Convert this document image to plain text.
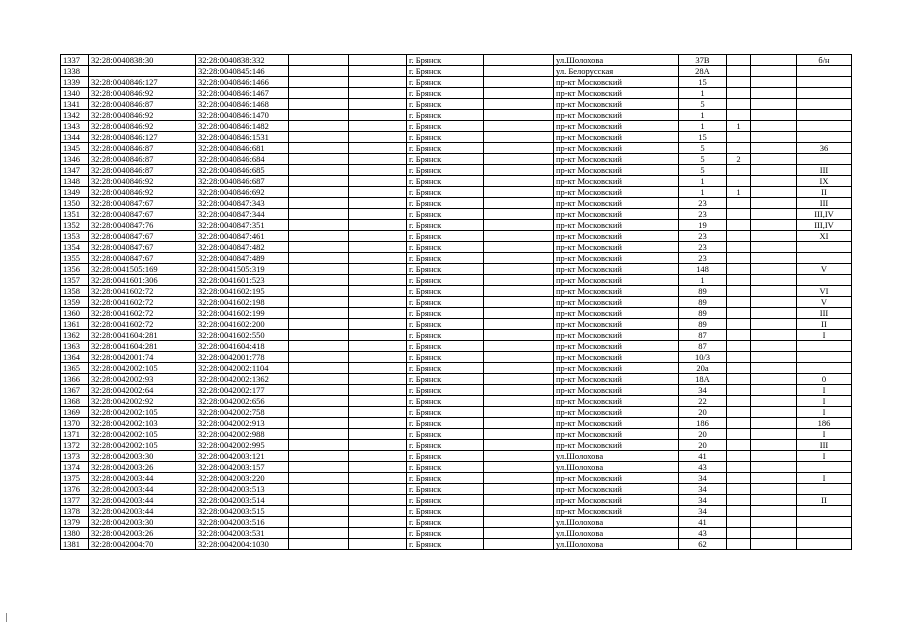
1337	32:28:0040838:30	32:28:0040838:332			г. Брянск		ул.Шолохова	37В			б/н
1338		32:28:0040845:146			г. Брянск		ул. Белорусская	28А			
1339	32:28:0040846:127	32:28:0040846:1466			г. Брянск		пр-кт Московский	15			
1340	32:28:0040846:92	32:28:0040846:1467			г. Брянск		пр-кт Московский	1			
1341	32:28:0040846:87	32:28:0040846:1468			г. Брянск		пр-кт Московский	5			
1342	32:28:0040846:92	32:28:0040846:1470			г. Брянск		пр-кт Московский	1			
1343	32:28:0040846:92	32:28:0040846:1482			г. Брянск		пр-кт Московский	1	1		
1344	32:28:0040846:127	32:28:0040846:1531			г. Брянск		пр-кт Московский	15			
1345	32:28:0040846:87	32:28:0040846:681			г. Брянск		пр-кт Московский	5			36
1346	32:28:0040846:87	32:28:0040846:684			г. Брянск		пр-кт Московский	5	2		
1347	32:28:0040846:87	32:28:0040846:685			г. Брянск		пр-кт Московский	5			III
1348	32:28:0040846:92	32:28:0040846:687			г. Брянск		пр-кт Московский	1			IX
1349	32:28:0040846:92	32:28:0040846:692			г. Брянск		пр-кт Московский	1	1		II
1350	32:28:0040847:67	32:28:0040847:343			г. Брянск		пр-кт Московский	23			III
1351	32:28:0040847:67	32:28:0040847:344			г. Брянск		пр-кт Московский	23			III,IV
1352	32:28:0040847:76	32:28:0040847:351			г. Брянск		пр-кт Московский	19			III,IV
1353	32:28:0040847:67	32:28:0040847:461			г. Брянск		пр-кт Московский	23			XI
1354	32:28:0040847:67	32:28:0040847:482			г. Брянск		пр-кт Московский	23			
1355	32:28:0040847:67	32:28:0040847:489			г. Брянск		пр-кт Московский	23			
1356	32:28:0041505:169	32:28:0041505:319			г. Брянск		пр-кт Московский	148			V
1357	32:28:0041601:306	32:28:0041601:523			г. Брянск		пр-кт Московский	1			
1358	32:28:0041602:72	32:28:0041602:195			г. Брянск		пр-кт Московский	89			VI
1359	32:28:0041602:72	32:28:0041602:198			г. Брянск		пр-кт Московский	89			V
1360	32:28:0041602:72	32:28:0041602:199			г. Брянск		пр-кт Московский	89			III
1361	32:28:0041602:72	32:28:0041602:200			г. Брянск		пр-кт Московский	89			II
1362	32:28:0041604:281	32:28:0041602:550			г. Брянск		пр-кт Московский	87			I
1363	32:28:0041604:281	32:28:0041604:418			г. Брянск		пр-кт Московский	87			
1364	32:28:0042001:74	32:28:0042001:778			г. Брянск		пр-кт Московский	10/3			
1365	32:28:0042002:105	32:28:0042002:1104			г. Брянск		пр-кт Московский	20а			
1366	32:28:0042002:93	32:28:0042002:1362			г. Брянск		пр-кт Московский	18А			0
1367	32:28:0042002:64	32:28:0042002:177			г. Брянск		пр-кт Московский	34			I
1368	32:28:0042002:92	32:28:0042002:656			г. Брянск		пр-кт Московский	22			I
1369	32:28:0042002:105	32:28:0042002:758			г. Брянск		пр-кт Московский	20			I
1370	32:28:0042002:103	32:28:0042002:913			г. Брянск		пр-кт Московский	186			186
1371	32:28:0042002:105	32:28:0042002:988			г. Брянск		пр-кт Московский	20			I
1372	32:28:0042002:105	32:28:0042002:995			г. Брянск		пр-кт Московский	20			III
1373	32:28:0042003:30	32:28:0042003:121			г. Брянск		ул.Шолохова	41			I
1374	32:28:0042003:26	32:28:0042003:157			г. Брянск		ул.Шолохова	43			
1375	32:28:0042003:44	32:28:0042003:220			г. Брянск		пр-кт Московский	34			I
1376	32:28:0042003:44	32:28:0042003:513			г. Брянск		пр-кт Московский	34			
1377	32:28:0042003:44	32:28:0042003:514			г. Брянск		пр-кт Московский	34			II
1378	32:28:0042003:44	32:28:0042003:515			г. Брянск		пр-кт Московский	34			
1379	32:28:0042003:30	32:28:0042003:516			г. Брянск		ул.Шолохова	41			
1380	32:28:0042003:26	32:28:0042003:531			г. Брянск		ул.Шолохова	43			
1381	32:28:0042004:70	32:28:0042004:1030			г. Брянск		ул.Шолохова	62			
